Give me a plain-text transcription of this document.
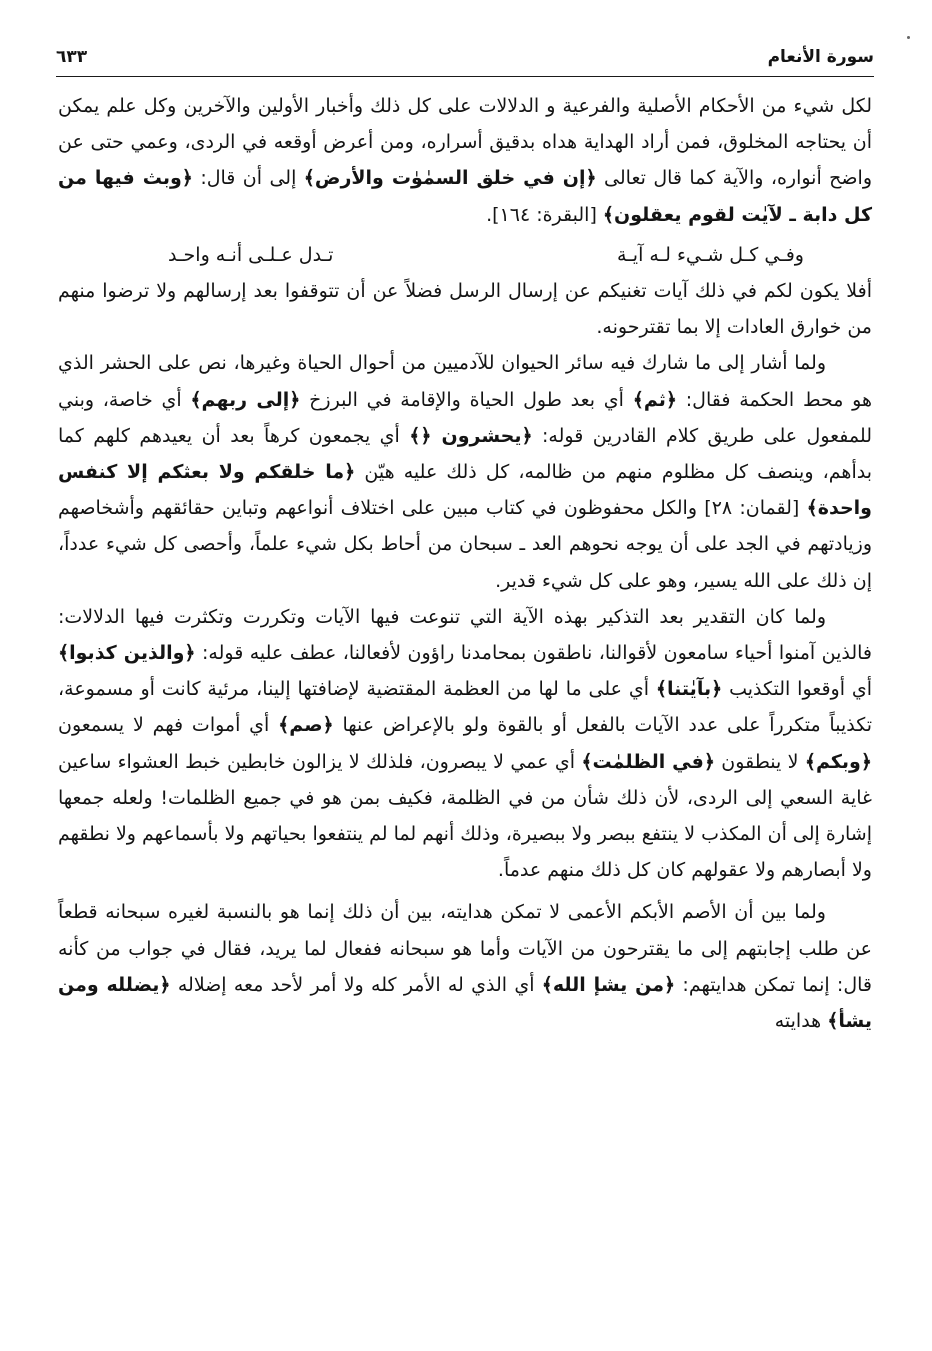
سورة الأنعام
٦٣٣

لكل شيء من الأحكام الأصلية والفرعية و الدلالات على كل ذلك وأخبار الأولين والآخرين وكل علم يمكن أن يحتاجه المخلوق، فمن أراد الهداية هداه بدقيق أسراره، ومن أعرض أوقعه في الردى، وعمي حتى عن واضح أنواره، والآية كما قال تعالى ﴿إن في خلق السمٰوٰت والأرض﴾ إلى أن قال: ﴿وبث فيها من كل دابة ـ لآيٰت لقوم يعقلون﴾ [البقرة: ١٦٤].

وفـي كـل شـيء لـه آيـة
تـدل عـلـى أنـه واحـد

أفلا يكون لكم في ذلك آيات تغنيكم عن إرسال الرسل فضلاً عن أن تتوقفوا بعد إرسالهم ولا ترضوا منهم من خوارق العادات إلا بما تقترحونه.

ولما أشار إلى ما شارك فيه سائر الحيوان للآدميين من أحوال الحياة وغيرها، نص على الحشر الذي هو محط الحكمة فقال: ﴿ثم﴾ أي بعد طول الحياة والإقامة في البرزخ ﴿إلى ربهم﴾ أي خاصة، وبني للمفعول على طريق كلام القادرين قوله: ﴿يحشرون ﴿﴾ أي يجمعون كرهاً بعد أن يعيدهم كلهم كما بدأهم، وينصف كل مظلوم منهم من ظالمه، كل ذلك عليه هيّن ﴿ما خلقكم ولا بعثكم إلا كنفس واحدة﴾ [لقمان: ٢٨] والكل محفوظون في كتاب مبين على اختلاف أنواعهم وتباين حقائقهم وأشخاصهم وزيادتهم في الجد على أن يوجه نحوهم العد ـ سبحان من أحاط بكل شيء علماً، وأحصى كل شيء عدداً، إن ذلك على الله يسير، وهو على كل شيء قدير.

ولما كان التقدير بعد التذكير بهذه الآية التي تنوعت فيها الآيات وتكررت وتكثرت فيها الدلالات: فالذين آمنوا أحياء سامعون لأقوالنا، ناطقون بمحامدنا راؤون لأفعالنا، عطف عليه قوله: ﴿والذين كذبوا﴾ أي أوقعوا التكذيب ﴿بآيٰتنا﴾ أي على ما لها من العظمة المقتضية لإضافتها إلينا، مرئية كانت أو مسموعة، تكذيباً متكرراً على عدد الآيات بالفعل أو بالقوة ولو بالإعراض عنها ﴿صم﴾ أي أموات فهم لا يسمعون ﴿وبكم﴾ لا ينطقون ﴿في الظلمٰت﴾ أي عمي لا يبصرون، فلذلك لا يزالون خابطين خبط العشواء ساعين غاية السعي إلى الردى، لأن ذلك شأن من في الظلمة، فكيف بمن هو في جميع الظلمات! ولعله جمعها إشارة إلى أن المكذب لا ينتفع ببصر ولا ببصيرة، وذلك أنهم لما لم ينتفعوا بحياتهم ولا بأسماعهم ولا نطقهم ولا أبصارهم ولا عقولهم كان كل ذلك منهم عدماً.

ولما بين أن الأصم الأبكم الأعمى لا تمكن هدايته، بين أن ذلك إنما هو بالنسبة لغيره سبحانه قطعاً عن طلب إجابتهم إلى ما يقترحون من الآيات وأما هو سبحانه ففعال لما يريد، فقال في جواب من كأنه قال: إنما تمكن هدايتهم: ﴿من يشإ الله﴾ أي الذي له الأمر كله ولا أمر لأحد معه إضلاله ﴿يضلله ومن يشأ﴾ هدايته
